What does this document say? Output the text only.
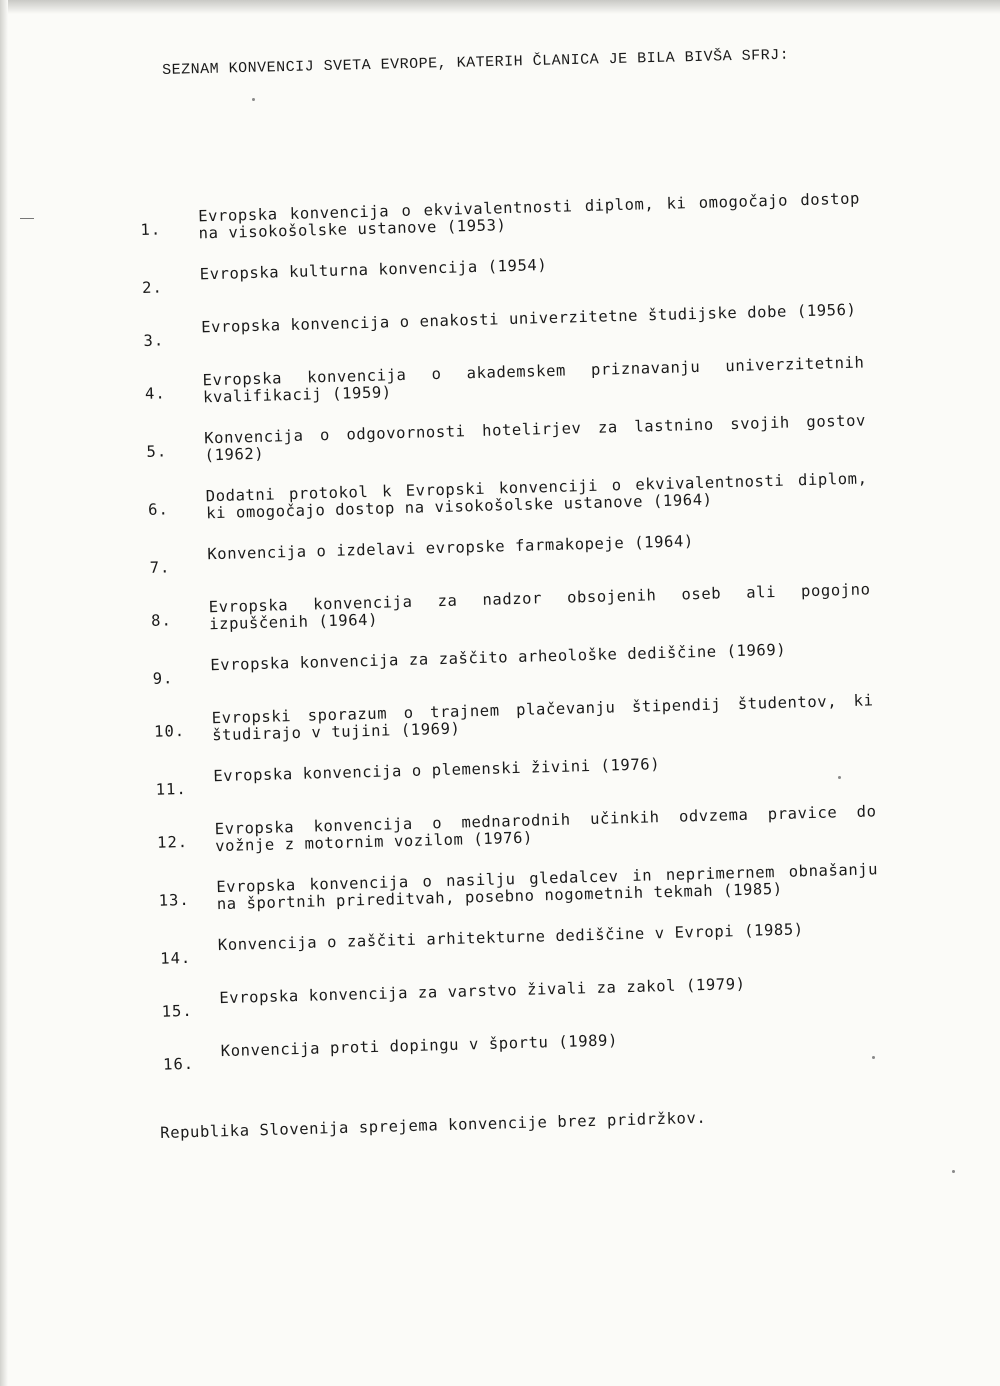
SEZNAM KONVENCIJ SVETA EVROPE, KATERIH ČLANICA JE BILA BIVŠA SFRJ:
1.
Evropska konvencija o ekvivalentnosti diplom, ki omogočajo dostop na visokošolske ustanove (1953)
2.
Evropska kulturna konvencija (1954)
3.
Evropska konvencija o enakosti univerzitetne študijske dobe (1956)
4.
Evropska konvencija o akademskem priznavanju univerzitetnih kvalifikacij (1959)
5.
Konvencija o odgovornosti hotelirjev za lastnino svojih gostov (1962)
6.
Dodatni protokol k Evropski konvenciji o ekvivalentnosti diplom, ki omogočajo dostop na visokošolske ustanove (1964)
7.
Konvencija o izdelavi evropske farmakopeje (1964)
8.
Evropska konvencija za nadzor obsojenih oseb ali pogojno izpuščenih (1964)
9.
Evropska konvencija za zaščito arheološke dediščine (1969)
10.
Evropski sporazum o trajnem plačevanju štipendij študentov, ki študirajo v tujini (1969)
11.
Evropska konvencija o plemenski živini (1976)
12.
Evropska konvencija o mednarodnih učinkih odvzema pravice do vožnje z motornim vozilom (1976)
13.
Evropska konvencija o nasilju gledalcev in neprimernem obnašanju na športnih prireditvah, posebno nogometnih tekmah (1985)
14.
Konvencija o zaščiti arhitekturne dediščine v Evropi (1985)
15.
Evropska konvencija za varstvo živali za zakol (1979)
16.
Konvencija proti dopingu v športu (1989)
Republika Slovenija sprejema konvencije brez pridržkov.
